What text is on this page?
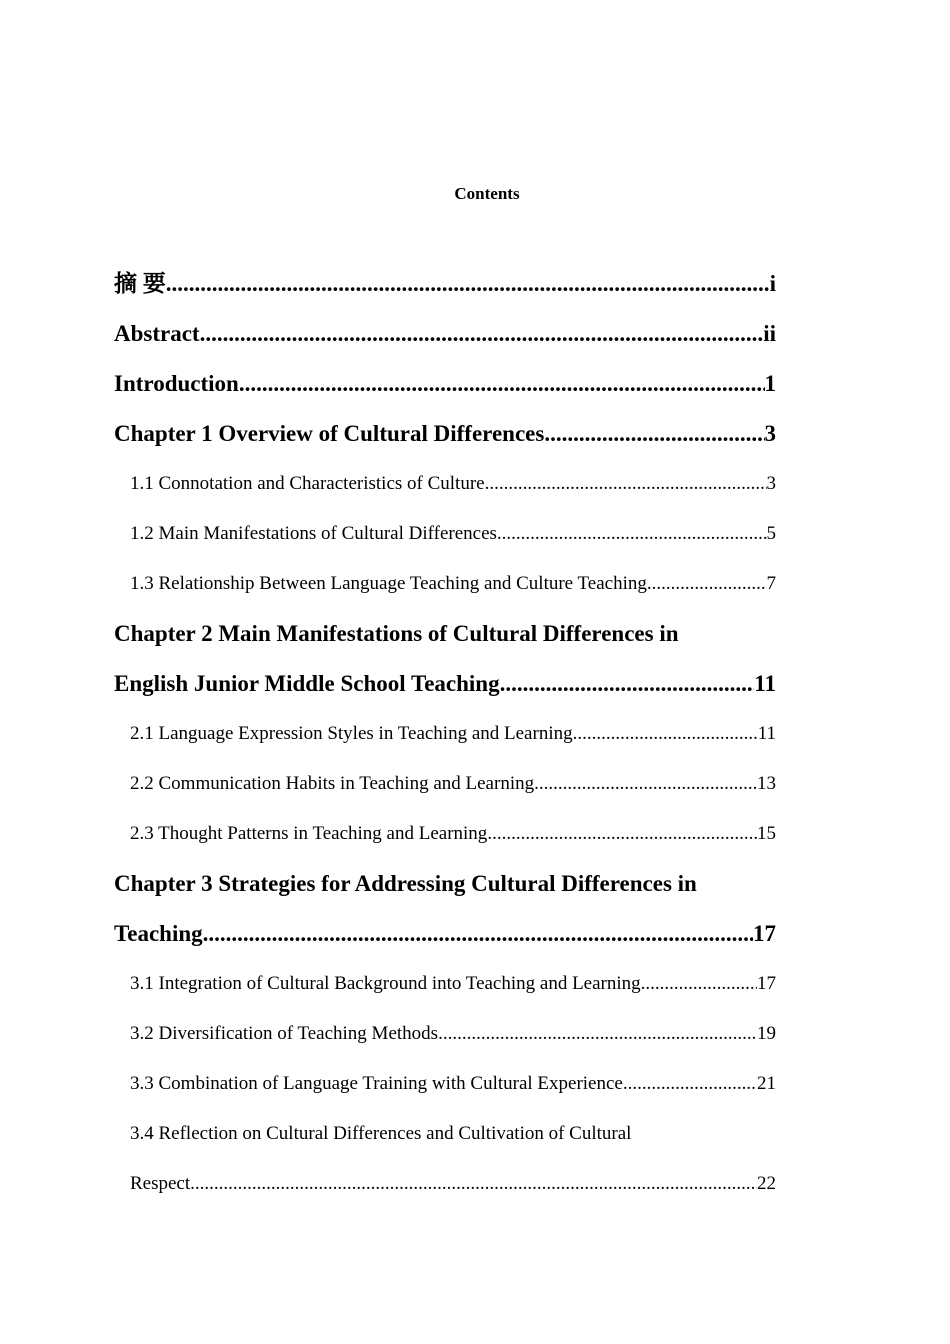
Contents
摘 要 .....	i
Abstract .....	ii
Introduction .....	1
Chapter 1 Overview of Cultural Differences .....	3
1.1 Connotation and Characteristics of Culture .....	3
1.2 Main Manifestations of Cultural Differences .....	5
1.3 Relationship Between Language Teaching and Culture Teaching .....	7
Chapter 2 Main Manifestations of Cultural Differences in
English Junior Middle School Teaching .....	11
2.1 Language Expression Styles in Teaching and Learning .....	11
2.2 Communication Habits in Teaching and Learning .....	13
2.3 Thought Patterns in Teaching and Learning .....	15
Chapter 3 Strategies for Addressing Cultural Differences in
Teaching .....	17
3.1 Integration of Cultural Background into Teaching and Learning .....	17
3.2 Diversification of Teaching Methods .....	19
3.3 Combination of Language Training with Cultural Experience .....	21
3.4 Reflection on Cultural Differences and Cultivation of Cultural
Respect .....	22
